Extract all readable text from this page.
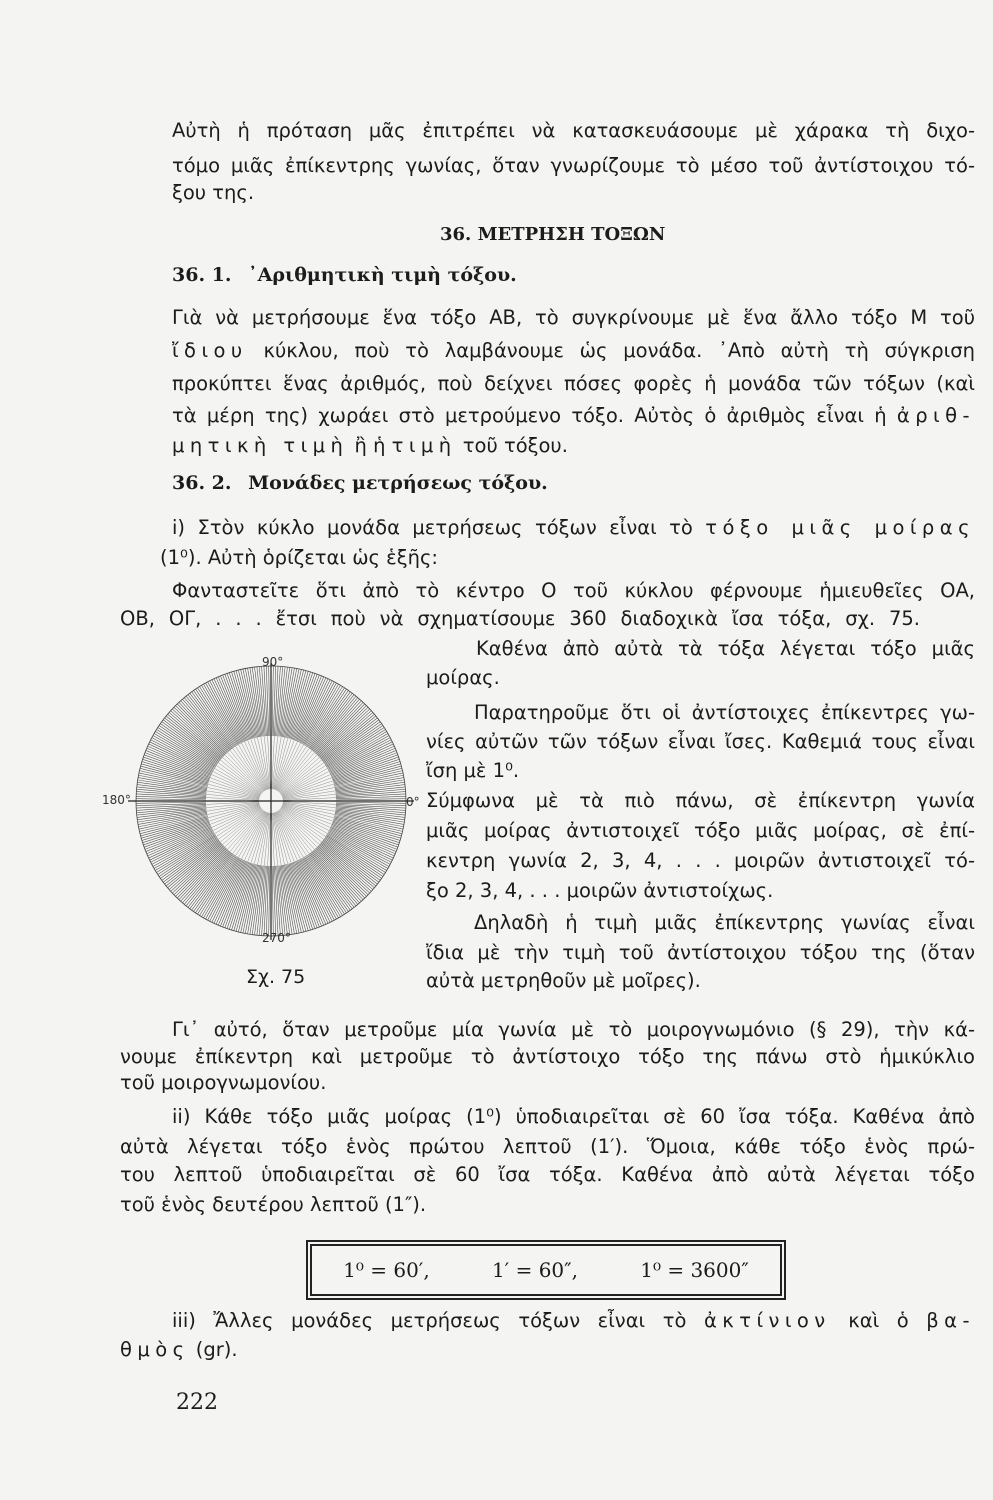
Αὐτὴ ἡ πρόταση μᾶς ἐπιτρέπει νὰ κατασκευάσουμε μὲ χάρακα τὴ διχο-
τόμο μιᾶς ἐπίκεντρης γωνίας, ὅταν γνωρίζουμε τὸ μέσο τοῦ ἀντίστοιχου τό-
ξου της.
36. ΜΕΤΡΗΣΗ ΤΟΞΩΝ
36. 1. ᾿Αριθμητικὴ τιμὴ τόξου.
Γιὰ νὰ μετρήσουμε ἕνα τόξο ΑΒ, τὸ συγκρίνουμε μὲ ἕνα ἄλλο τόξο Μ τοῦ
ἴδιου κύκλου, ποὺ τὸ λαμβάνουμε ὡς μονάδα. ᾿Απὸ αὐτὴ τὴ σύγκριση
προκύπτει ἕνας ἀριθμός, ποὺ δείχνει πόσες φορὲς ἡ μονάδα τῶν τόξων (καὶ
τὰ μέρη της) χωράει στὸ μετρούμενο τόξο. Αὐτὸς ὁ ἀριθμὸς εἶναι ἡ ἀριθ-
μητικὴ τιμὴ ἢ ἡ τιμὴ τοῦ τόξου.
36. 2. Μονάδες μετρήσεως τόξου.
i) Στὸν κύκλο μονάδα μετρήσεως τόξων εἶναι τὸ τόξο μιᾶς μοίρας
(1⁰). Αὐτὴ ὁρίζεται ὡς ἑξῆς:
Φανταστεῖτε ὅτι ἀπὸ τὸ κέντρο Ο τοῦ κύκλου φέρνουμε ἡμιευθεῖες ΟΑ,
ΟΒ, ΟΓ, . . . ἔτσι ποὺ νὰ σχηματίσουμε 360 διαδοχικὰ ἴσα τόξα, σχ. 75.
90°
180°	0°
270°
Σχ. 75
Καθένα ἀπὸ αὐτὰ τὰ τόξα λέγεται τόξο μιᾶς
μοίρας.
Παρατηροῦμε ὅτι οἱ ἀντίστοιχες ἐπίκεντρες γω-
νίες αὐτῶν τῶν τόξων εἶναι ἴσες. Καθεμιά τους εἶναι
ἴση μὲ 1⁰.
Σύμφωνα μὲ τὰ πιὸ πάνω, σὲ ἐπίκεντρη γωνία
μιᾶς μοίρας ἀντιστοιχεῖ τόξο μιᾶς μοίρας, σὲ ἐπί-
κεντρη γωνία 2, 3, 4, . . . μοιρῶν ἀντιστοιχεῖ τό-
ξο 2, 3, 4, . . . μοιρῶν ἀντιστοίχως.
Δηλαδὴ ἡ τιμὴ μιᾶς ἐπίκεντρης γωνίας εἶναι
ἴδια μὲ τὴν τιμὴ τοῦ ἀντίστοιχου τόξου της (ὅταν
αὐτὰ μετρηθοῦν μὲ μοῖρες).
Γι᾿ αὐτό, ὅταν μετροῦμε μία γωνία μὲ τὸ μοιρογνωμόνιο (§ 29), τὴν κά-
νουμε ἐπίκεντρη καὶ μετροῦμε τὸ ἀντίστοιχο τόξο της πάνω στὸ ἡμικύκλιο
τοῦ μοιρογνωμονίου.
ii) Κάθε τόξο μιᾶς μοίρας (1⁰) ὑποδιαιρεῖται σὲ 60 ἴσα τόξα. Καθένα ἀπὸ
αὐτὰ λέγεται τόξο ἑνὸς πρώτου λεπτοῦ (1′). Ὅμοια, κάθε τόξο ἑνὸς πρώ-
του λεπτοῦ ὑποδιαιρεῖται σὲ 60 ἴσα τόξα. Καθένα ἀπὸ αὐτὰ λέγεται τόξο
τοῦ ἑνὸς δευτέρου λεπτοῦ (1″).
1⁰ = 60′,	1′ = 60″,	1⁰ = 3600″
iii) Ἄλλες μονάδες μετρήσεως τόξων εἶναι τὸ ἀκτίνιον καὶ ὁ βα-
θμὸς (gr).
222
